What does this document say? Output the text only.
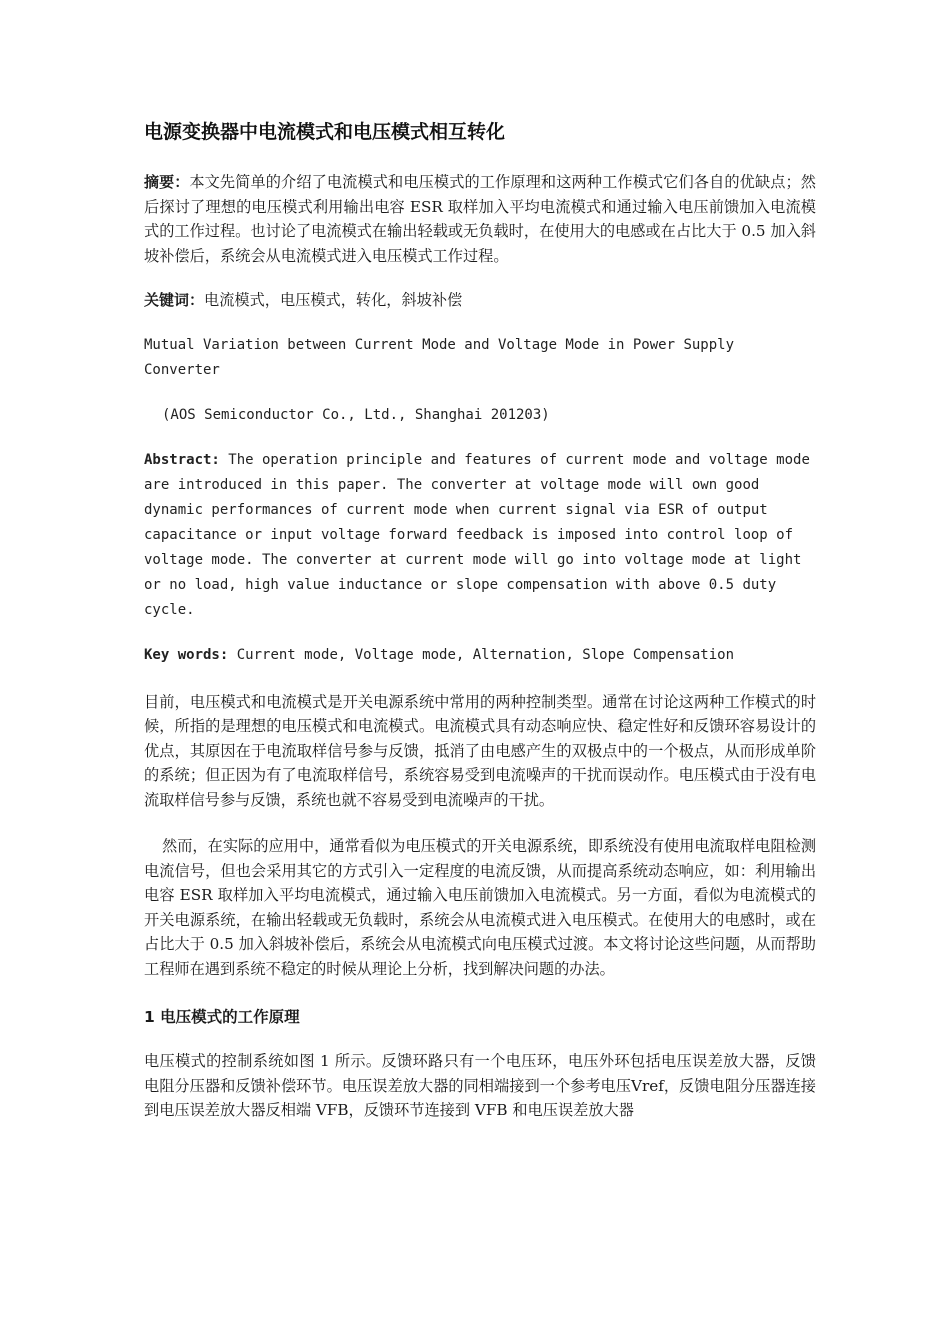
电源变换器中电流模式和电压模式相互转化

摘要：本文先简单的介绍了电流模式和电压模式的工作原理和这两种工作模式它们各自的优缺点；然后探讨了理想的电压模式利用输出电容 ESR 取样加入平均电流模式和通过输入电压前馈加入电流模式的工作过程。也讨论了电流模式在输出轻载或无负载时，在使用大的电感或在占比大于 0.5 加入斜坡补偿后，系统会从电流模式进入电压模式工作过程。

关键词：电流模式，电压模式，转化，斜坡补偿

Mutual Variation between Current Mode and Voltage Mode in Power Supply Converter

(AOS Semiconductor Co., Ltd., Shanghai 201203)

Abstract: The operation principle and features of current mode and voltage mode are introduced in this paper. The converter at voltage mode will own good dynamic performances of current mode when current signal via ESR of output capacitance or input voltage forward feedback is imposed into control loop of voltage mode. The converter at current mode will go into voltage mode at light or no load, high value inductance or slope compensation with above 0.5 duty cycle.

Key words: Current mode, Voltage mode, Alternation, Slope Compensation

目前，电压模式和电流模式是开关电源系统中常用的两种控制类型。通常在讨论这两种工作模式的时候，所指的是理想的电压模式和电流模式。电流模式具有动态响应快、稳定性好和反馈环容易设计的优点，其原因在于电流取样信号参与反馈，抵消了由电感产生的双极点中的一个极点，从而形成单阶的系统；但正因为有了电流取样信号，系统容易受到电流噪声的干扰而误动作。电压模式由于没有电流取样信号参与反馈，系统也就不容易受到电流噪声的干扰。

然而，在实际的应用中，通常看似为电压模式的开关电源系统，即系统没有使用电流取样电阻检测电流信号，但也会采用其它的方式引入一定程度的电流反馈，从而提高系统动态响应，如：利用输出电容 ESR 取样加入平均电流模式，通过输入电压前馈加入电流模式。另一方面，看似为电流模式的开关电源系统，在输出轻载或无负载时，系统会从电流模式进入电压模式。在使用大的电感时，或在占比大于 0.5 加入斜坡补偿后，系统会从电流模式向电压模式过渡。本文将讨论这些问题，从而帮助工程师在遇到系统不稳定的时候从理论上分析，找到解决问题的办法。

1 电压模式的工作原理

电压模式的控制系统如图 1 所示。反馈环路只有一个电压环，电压外环包括电压误差放大器，反馈电阻分压器和反馈补偿环节。电压误差放大器的同相端接到一个参考电压Vref，反馈电阻分压器连接到电压误差放大器反相端 VFB，反馈环节连接到 VFB 和电压误差放大器
